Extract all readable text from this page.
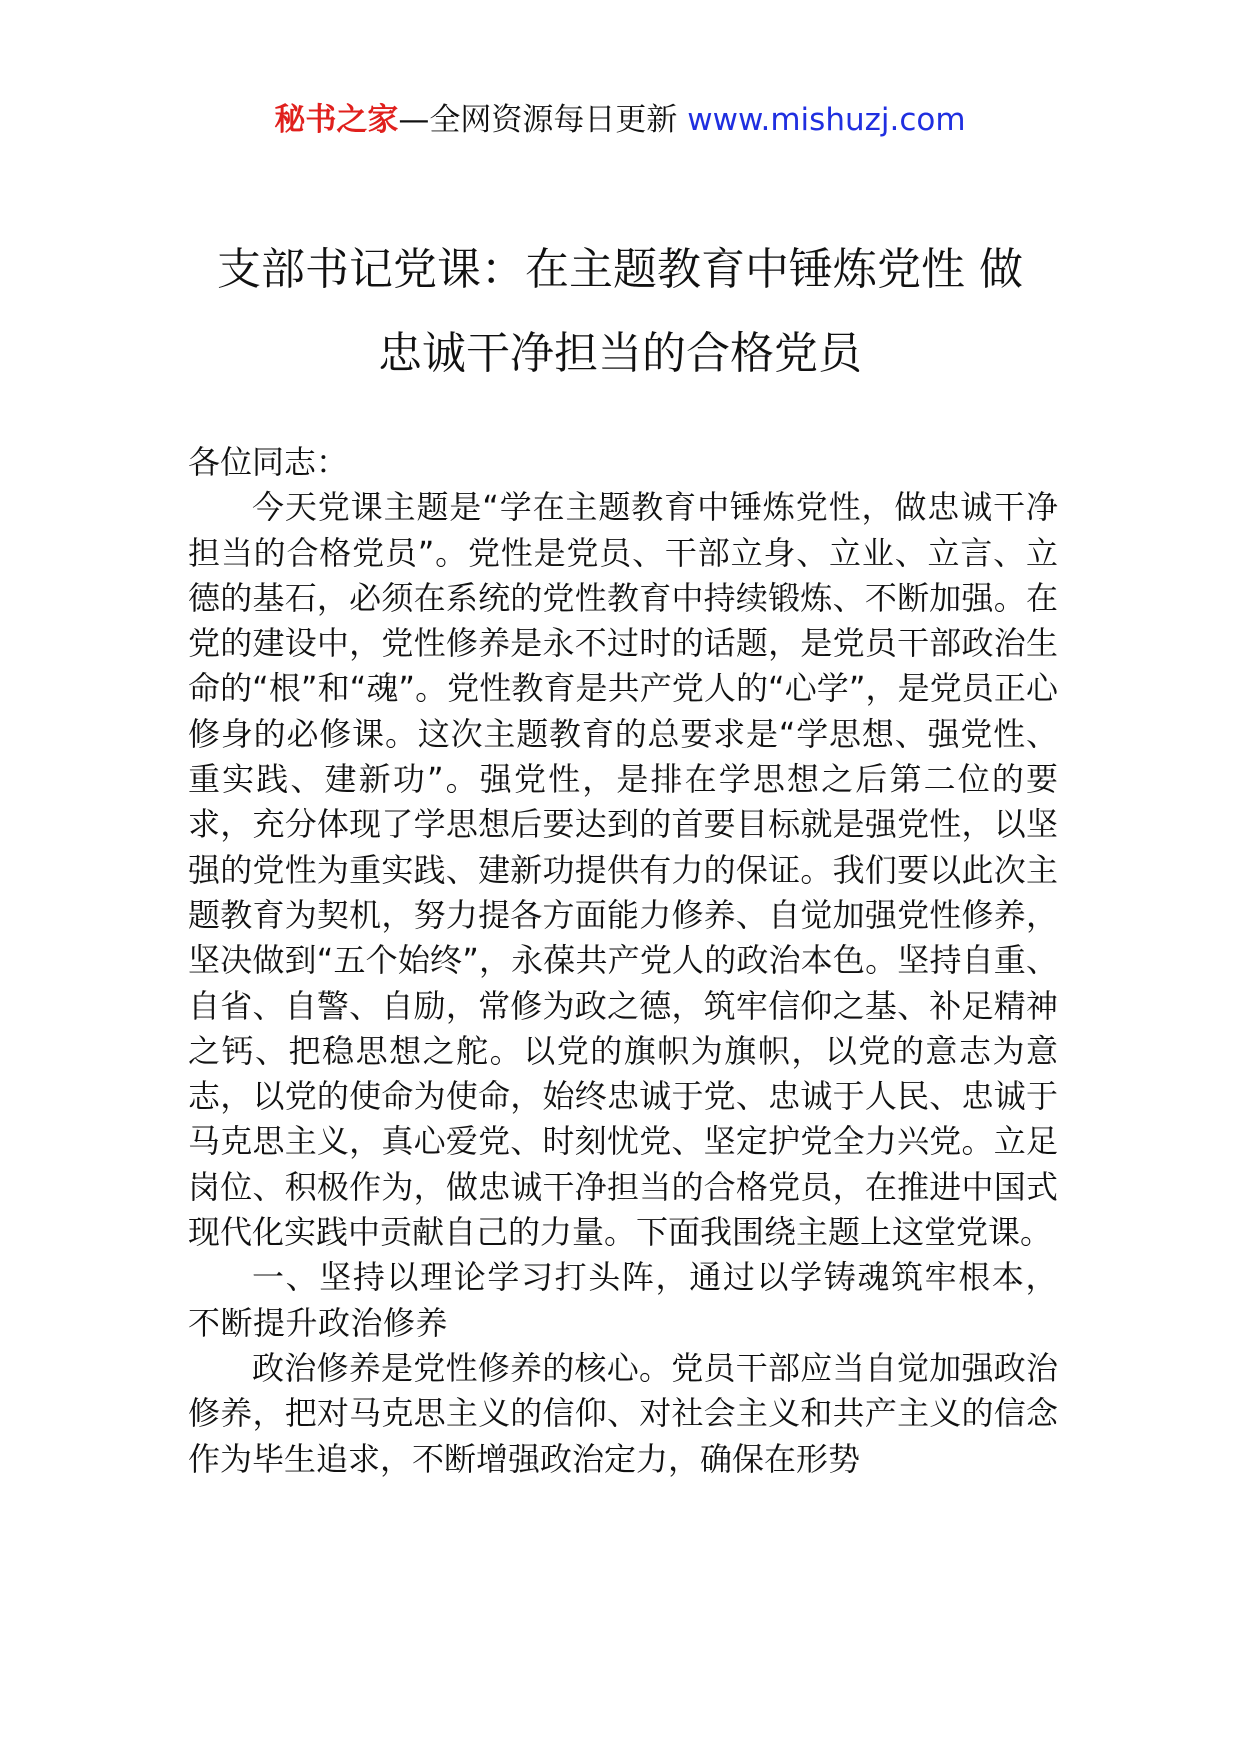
秘书之家—全网资源每日更新 www.mishuzj.com
支部书记党课：在主题教育中锤炼党性 做
忠诚干净担当的合格党员

各位同志：

今天党课主题是“学在主题教育中锤炼党性，做忠诚干净担当的合格党员”。党性是党员、干部立身、立业、立言、立德的基石，必须在系统的党性教育中持续锻炼、不断加强。在党的建设中，党性修养是永不过时的话题，是党员干部政治生命的“根”和“魂”。党性教育是共产党人的“心学”，是党员正心修身的必修课。这次主题教育的总要求是“学思想、强党性、重实践、建新功”。强党性，是排在学思想之后第二位的要求，充分体现了学思想后要达到的首要目标就是强党性，以坚强的党性为重实践、建新功提供有力的保证。我们要以此次主题教育为契机，努力提各方面能力修养、自觉加强党性修养，坚决做到“五个始终”，永葆共产党人的政治本色。坚持自重、自省、自警、自励，常修为政之德，筑牢信仰之基、补足精神之钙、把稳思想之舵。以党的旗帜为旗帜，以党的意志为意志，以党的使命为使命，始终忠诚于党、忠诚于人民、忠诚于马克思主义，真心爱党、时刻忧党、坚定护党全力兴党。立足岗位、积极作为，做忠诚干净担当的合格党员，在推进中国式现代化实践中贡献自己的力量。下面我围绕主题上这堂党课。

一、坚持以理论学习打头阵，通过以学铸魂筑牢根本，不断提升政治修养

政治修养是党性修养的核心。党员干部应当自觉加强政治修养，把对马克思主义的信仰、对社会主义和共产主义的信念作为毕生追求，不断增强政治定力，确保在形势
